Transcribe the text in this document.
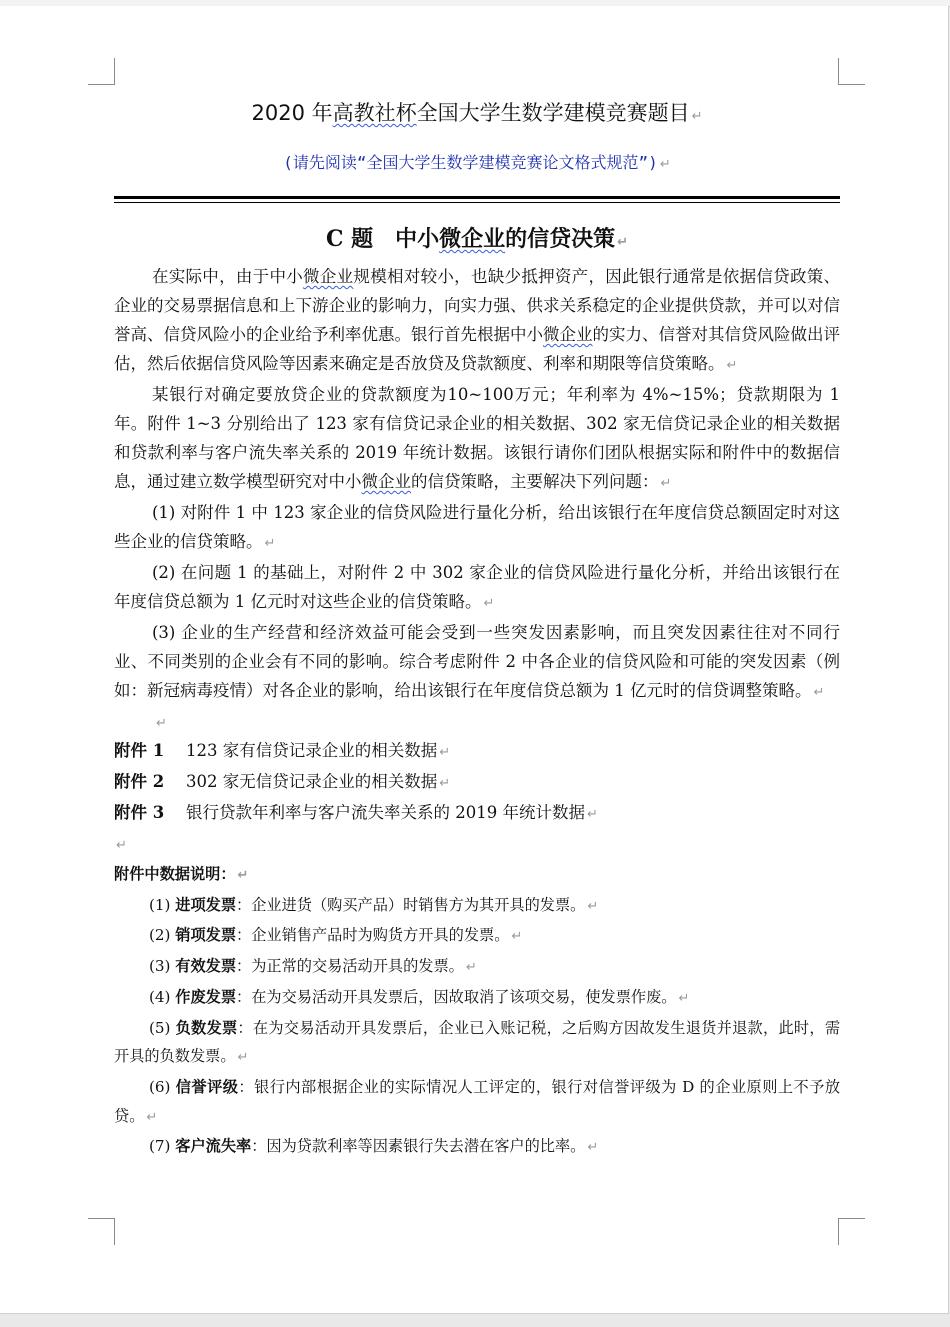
2020 年高教社杯全国大学生数学建模竞赛题目 ↵
(请先阅读“全国大学生数学建模竞赛论文格式规范”) ↵
C 题　中小微企业的信贷决策 ↵

在实际中，由于中小微企业规模相对较小，也缺少抵押资产，因此银行通常是依据信贷政策、企业的交易票据信息和上下游企业的影响力，向实力强、供求关系稳定的企业提供贷款，并可以对信誉高、信贷风险小的企业给予利率优惠。银行首先根据中小微企业的实力、信誉对其信贷风险做出评估，然后依据信贷风险等因素来确定是否放贷及贷款额度、利率和期限等信贷策略。 ↵

某银行对确定要放贷企业的贷款额度为10~100万元；年利率为 4%~15%；贷款期限为 1 年。附件 1~3 分别给出了 123 家有信贷记录企业的相关数据、302 家无信贷记录企业的相关数据和贷款利率与客户流失率关系的 2019 年统计数据。该银行请你们团队根据实际和附件中的数据信息，通过建立数学模型研究对中小微企业的信贷策略，主要解决下列问题： ↵

(1) 对附件 1 中 123 家企业的信贷风险进行量化分析，给出该银行在年度信贷总额固定时对这些企业的信贷策略。 ↵

(2) 在问题 1 的基础上，对附件 2 中 302 家企业的信贷风险进行量化分析，并给出该银行在年度信贷总额为 1 亿元时对这些企业的信贷策略。 ↵

(3) 企业的生产经营和经济效益可能会受到一些突发因素影响，而且突发因素往往对不同行业、不同类别的企业会有不同的影响。综合考虑附件 2 中各企业的信贷风险和可能的突发因素（例如：新冠病毒疫情）对各企业的影响，给出该银行在年度信贷总额为 1 亿元时的信贷调整策略。 ↵

↵

附件 1 123 家有信贷记录企业的相关数据 ↵

附件 2 302 家无信贷记录企业的相关数据 ↵

附件 3 银行贷款年利率与客户流失率关系的 2019 年统计数据 ↵

↵

附件中数据说明： ↵

(1) 进项发票：企业进货（购买产品）时销售方为其开具的发票。 ↵

(2) 销项发票：企业销售产品时为购货方开具的发票。 ↵

(3) 有效发票：为正常的交易活动开具的发票。 ↵

(4) 作废发票：在为交易活动开具发票后，因故取消了该项交易，使发票作废。 ↵

(5) 负数发票：在为交易活动开具发票后，企业已入账记税，之后购方因故发生退货并退款，此时，需开具的负数发票。 ↵

(6) 信誉评级：银行内部根据企业的实际情况人工评定的，银行对信誉评级为 D 的企业原则上不予放贷。 ↵

(7) 客户流失率：因为贷款利率等因素银行失去潜在客户的比率。 ↵
